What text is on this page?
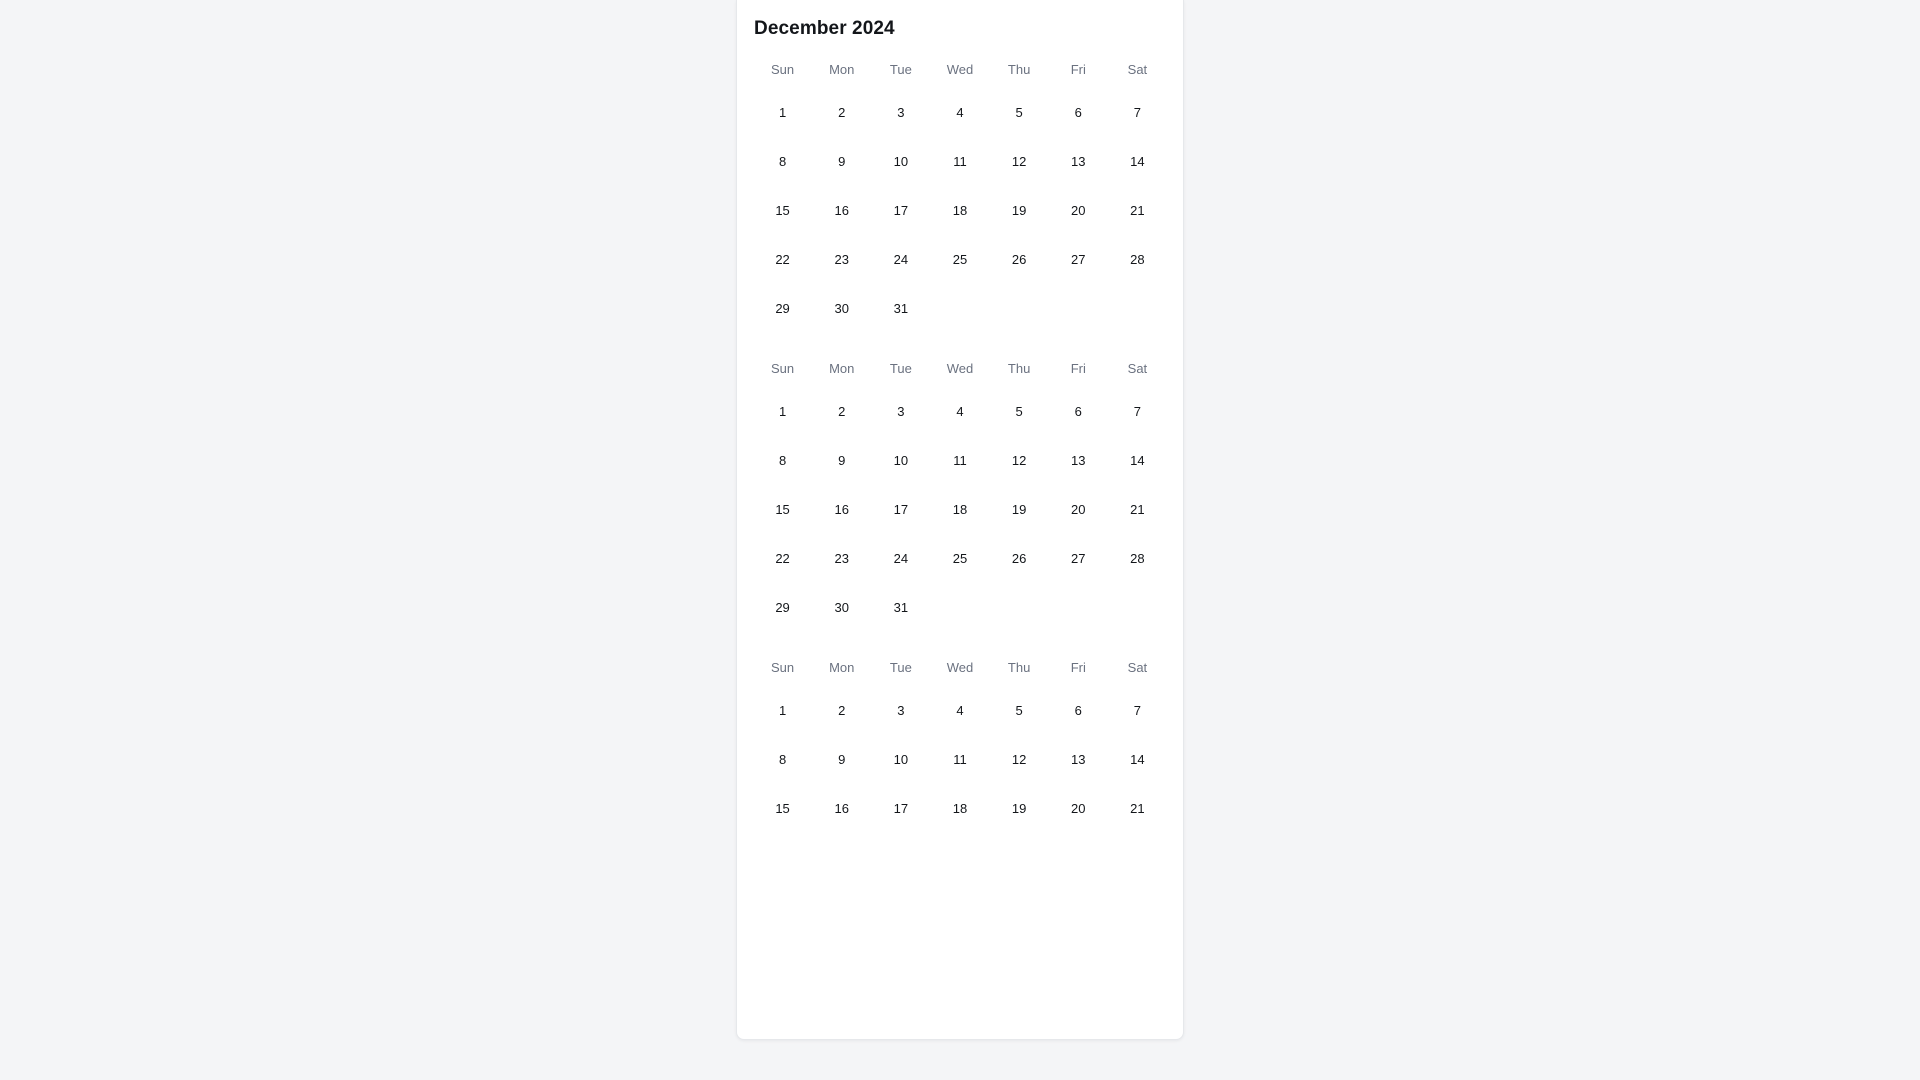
December 2024
Sun	Mon	Tue	Wed	Thu	Fri	Sat
1	2	3	4	5	6	7
8	9	10	11	12	13	14
15	16	17	18	19	20	21
22	23	24	25	26	27	28
29	30	31
Sun	Mon	Tue	Wed	Thu	Fri	Sat
1	2	3	4	5	6	7
8	9	10	11	12	13	14
15	16	17	18	19	20	21
22	23	24	25	26	27	28
29	30	31
Sun	Mon	Tue	Wed	Thu	Fri	Sat
1	2	3	4	5	6	7
8	9	10	11	12	13	14
15	16	17	18	19	20	21
